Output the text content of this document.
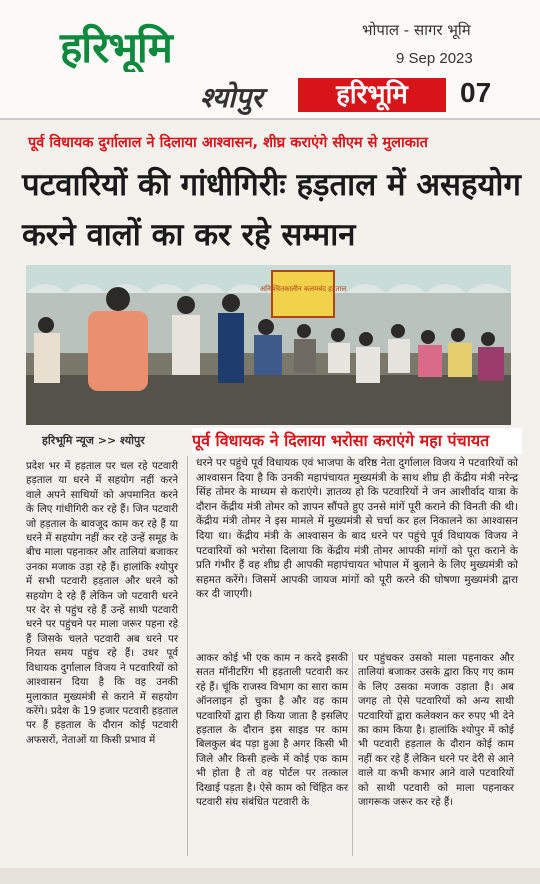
हरिभूमि	भोपाल - सागर भूमि
9 Sep 2023
श्योपुर	हरिभूमि	07
पूर्व विधायक दुर्गालाल ने दिलाया आश्वासन, शीघ्र कराएंगे सीएम से मुलाकात
पटवारियों की गांधीगिरीः हड़ताल में असहयोग करने वालों का कर रहे सम्मान
अनिश्चितकालीन कलमबंद हड़ताल
हरिभूमि न्यूज >> श्योपुर	पूर्व विधायक ने दिलाया भरोसा कराएंगे महा पंचायत
प्रदेश भर में हड़ताल पर चल रहे पटवारी हड़ताल या धरने में सहयोग नहीं करने वाले अपने साथियों को अपमानित करने के लिए गांधीगिरी कर रहे हैं। जिन पटवारी जो हड़ताल के बावजूद काम कर रहे हैं या धरने में सहयोग नहीं कर रहे उन्हें समूह के बीच माला पहनाकर और तालियां बजाकर उनका मजाक उड़ा रहे हैं। हालांकि श्योपुर में सभी पटवारी हड़ताल और धरने को सहयोग दे रहे हैं लेकिन जो पटवारी धरने पर देर से पहुंच रहे हैं उन्हें साथी पटवारी धरने पर पहुंचने पर माला जरूर पहना रहे हैं जिसके चलते पटवारी अब धरने पर नियत समय पहुंच रहे हैं। उधर पूर्व विधायक दुर्गालाल विजय ने पटवारियों को आश्वासन दिया है कि वह उनकी मुलाकात मुख्यमंत्री से कराने में सहयोग करेंगे। प्रदेश के 19 हजार पटवारी हड़ताल पर हैं हड़ताल के दौरान कोई पटवारी अफसरों, नेताओं या किसी प्रभाव में
धरने पर पहुंचे पूर्व विधायक एवं भाजपा के वरिष्ठ नेता दुर्गालाल विजय ने पटवारियों को आश्वासन दिया है कि उनकी महापंचायत मुख्यमंत्री के साथ शीघ्र ही केंद्रीय मंत्री नरेन्द्र सिंह तोमर के माध्यम से कराएंगे। ज्ञातव्य हो कि पटवारियों ने जन आशीर्वाद यात्रा के दौरान केंद्रीय मंत्री तोमर को ज्ञापन सौंपते हुए उनसे मांगें पूरी कराने की विनती की थी। केंद्रीय मंत्री तोमर ने इस मामले में मुख्यमंत्री से चर्चा कर हल निकालने का आश्वासन दिया था। केंद्रीय मंत्री के आश्वासन के बाद धरने पर पहुंचे पूर्व विधायक विजय ने पटवारियों को भरोसा दिलाया कि केंद्रीय मंत्री तोमर आपकी मांगों को पूरा कराने के प्रति गंभीर हैं वह शीघ्र ही आपकी महापंचायत भोपाल में बुलाने के लिए मुख्यमंत्री को सहमत करेंगे। जिसमें आपकी जायज मांगों को पूरी करने की घोषणा मुख्यमंत्री द्वारा कर दी जाएगी।
आकर कोई भी एक काम न करदे इसकी सतत मॉनीटरिंग भी हड़ताली पटवारी कर रहे हैं। चूंकि राजस्व विभाग का सारा काम ऑनलाइन हो चुका है और वह काम पटवारियों द्वारा ही किया जाता है इसलिए हड़ताल के दौरान इस साइड पर काम बिलकुल बंद पड़ा हुआ है अगर किसी भी जिले और किसी हल्के में कोई एक काम भी होता है तो वह पोर्टल पर तत्काल दिखाई पड़ता है। ऐसे काम को चिंहित कर पटवारी संघ संबंधित पटवारी के
घर पहुंचकर उसको माला पहनाकर और तालियां बजाकर उसके द्वारा किए गए काम के लिए उसका मजाक उड़ाता है। अब जगह तो ऐसे पटवारियों को अन्य साथी पटवारियों द्वारा कलेक्शन कर रुपए भी देने का काम किया है। हालांकि श्योपुर में कोई भी पटवारी हड़ताल के दौरान कोई काम नहीं कर रहे हैं लेकिन धरने पर देरी से आने वाले या कभी कभार आने वाले पटवारियों को साथी पटवारी को माला पहनाकर जागरूक जरूर कर रहे हैं।
